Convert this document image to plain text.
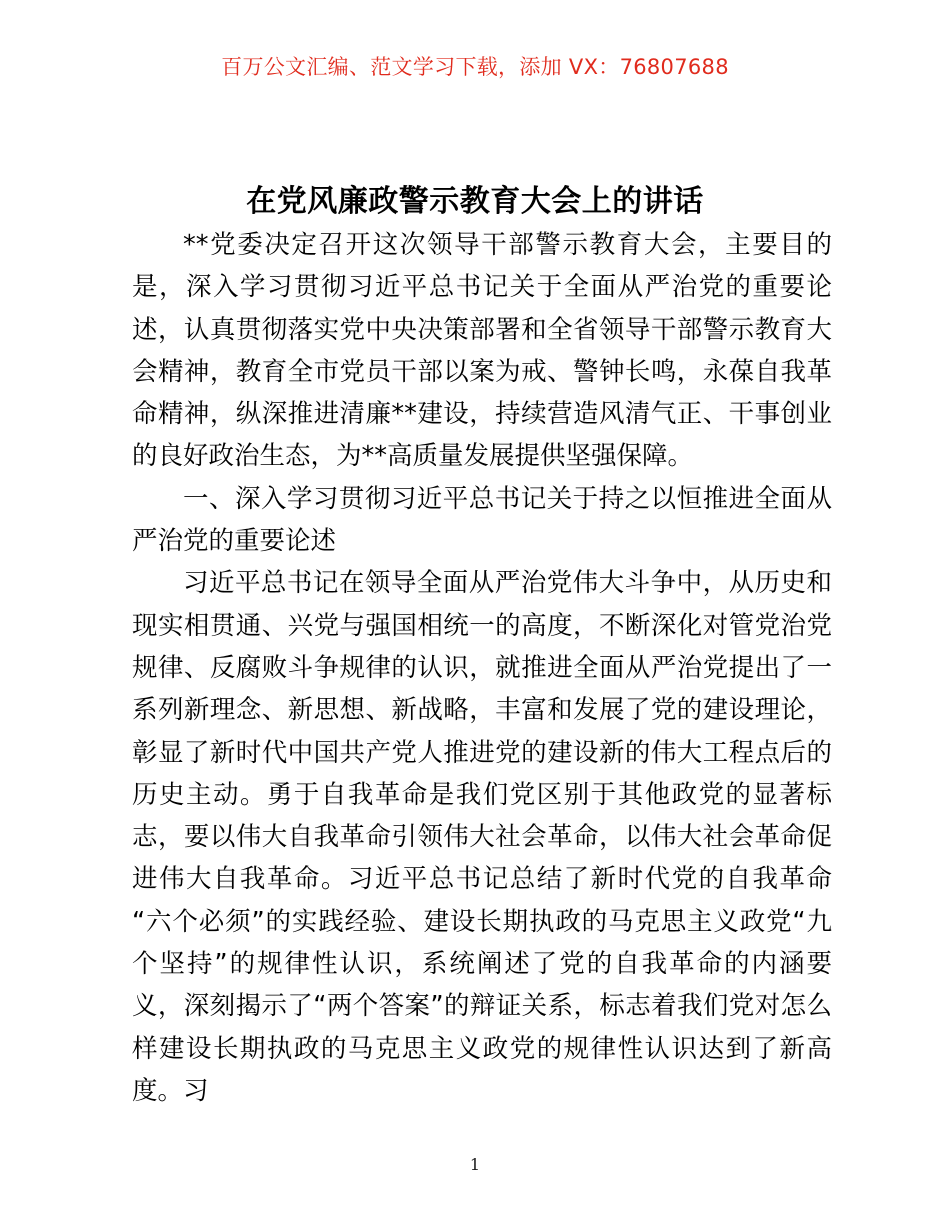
百万公文汇编、范文学习下载，添加 VX：76807688
在党风廉政警示教育大会上的讲话

**党委决定召开这次领导干部警示教育大会，主要目的是，深入学习贯彻习近平总书记关于全面从严治党的重要论述，认真贯彻落实党中央决策部署和全省领导干部警示教育大会精神，教育全市党员干部以案为戒、警钟长鸣，永葆自我革命精神，纵深推进清廉**建设，持续营造风清气正、干事创业的良好政治生态，为**高质量发展提供坚强保障。

一、深入学习贯彻习近平总书记关于持之以恒推进全面从严治党的重要论述

习近平总书记在领导全面从严治党伟大斗争中，从历史和现实相贯通、兴党与强国相统一的高度，不断深化对管党治党规律、反腐败斗争规律的认识，就推进全面从严治党提出了一系列新理念、新思想、新战略，丰富和发展了党的建设理论，彰显了新时代中国共产党人推进党的建设新的伟大工程点后的历史主动。勇于自我革命是我们党区别于其他政党的显著标志，要以伟大自我革命引领伟大社会革命，以伟大社会革命促进伟大自我革命。习近平总书记总结了新时代党的自我革命“六个必须”的实践经验、建设长期执政的马克思主义政党“九个坚持”的规律性认识，系统阐述了党的自我革命的内涵要义，深刻揭示了“两个答案”的辩证关系，标志着我们党对怎么样建设长期执政的马克思主义政党的规律性认识达到了新高度。习

1
